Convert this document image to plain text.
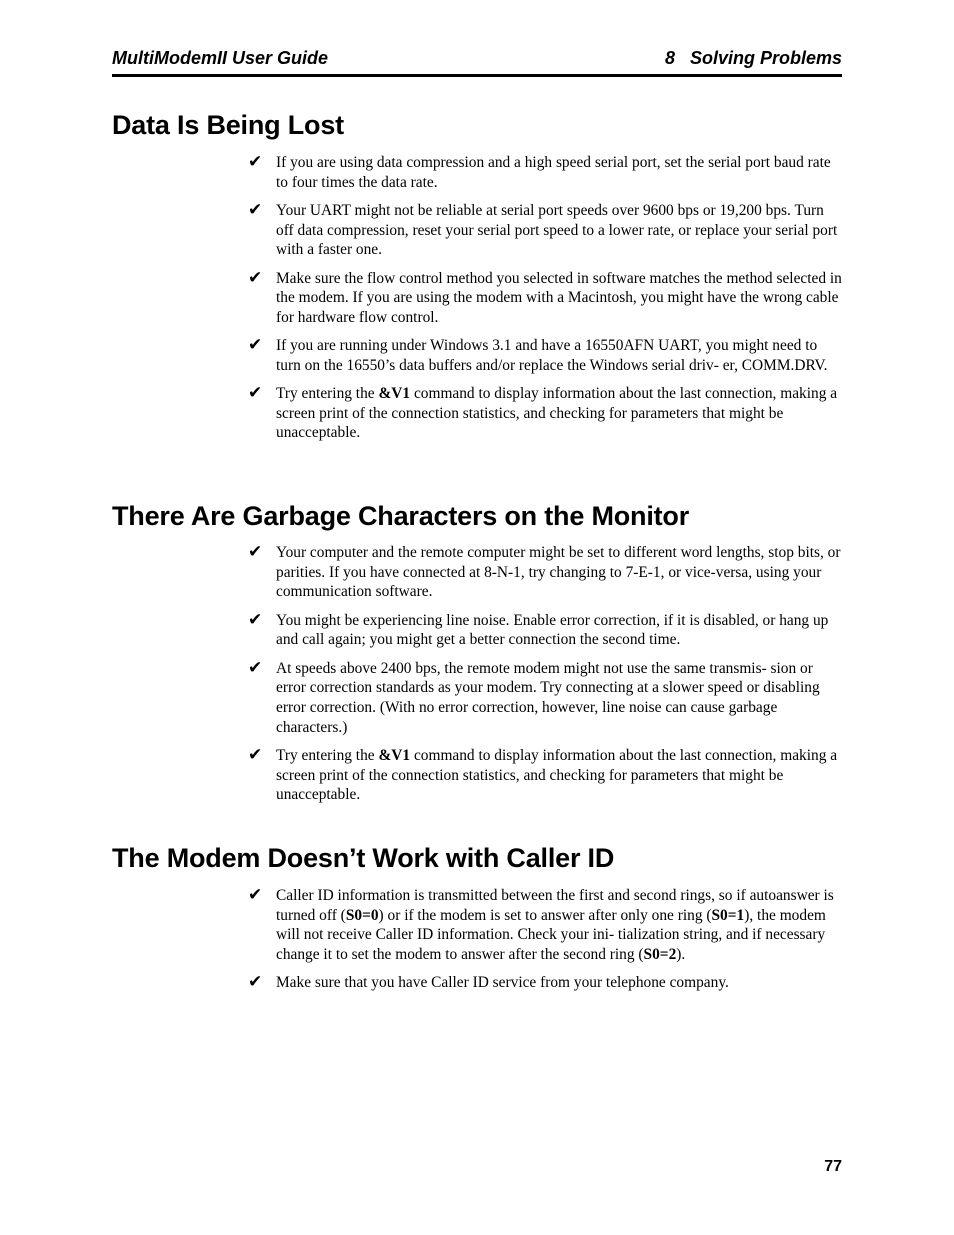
MultiModemII User Guide	8   Solving Problems
Data Is Being Lost
✔ If you are using data compression and a high speed serial port, set the serial port baud rate to four times the data rate.
✔ Your UART might not be reliable at serial port speeds over 9600 bps or 19,200 bps. Turn off data compression, reset your serial port speed to a lower rate, or replace your serial port with a faster one.
✔ Make sure the flow control method you selected in software matches the method selected in the modem. If you are using the modem with a Macintosh, you might have the wrong cable for hardware flow control.
✔ If you are running under Windows 3.1 and have a 16550AFN UART, you might need to turn on the 16550’s data buffers and/or replace the Windows serial driv- er, COMM.DRV.
✔ Try entering the &V1 command to display information about the last connection, making a screen print of the connection statistics, and checking for parameters that might be unacceptable.
There Are Garbage Characters on the Monitor
✔ Your computer and the remote computer might be set to different word lengths, stop bits, or parities. If you have connected at 8-N-1, try changing to 7-E-1, or vice-versa, using your communication software.
✔ You might be experiencing line noise. Enable error correction, if it is disabled, or hang up and call again; you might get a better connection the second time.
✔ At speeds above 2400 bps, the remote modem might not use the same transmis- sion or error correction standards as your modem. Try connecting at a slower speed or disabling error correction. (With no error correction, however, line noise can cause garbage characters.)
✔ Try entering the &V1 command to display information about the last connection, making a screen print of the connection statistics, and checking for parameters that might be unacceptable.
The Modem Doesn’t Work with Caller ID
✔ Caller ID information is transmitted between the first and second rings, so if autoanswer is turned off (S0=0) or if the modem is set to answer after only one ring (S0=1), the modem will not receive Caller ID information. Check your ini- tialization string, and if necessary change it to set the modem to answer after the second ring (S0=2).
✔ Make sure that you have Caller ID service from your telephone company.
77
